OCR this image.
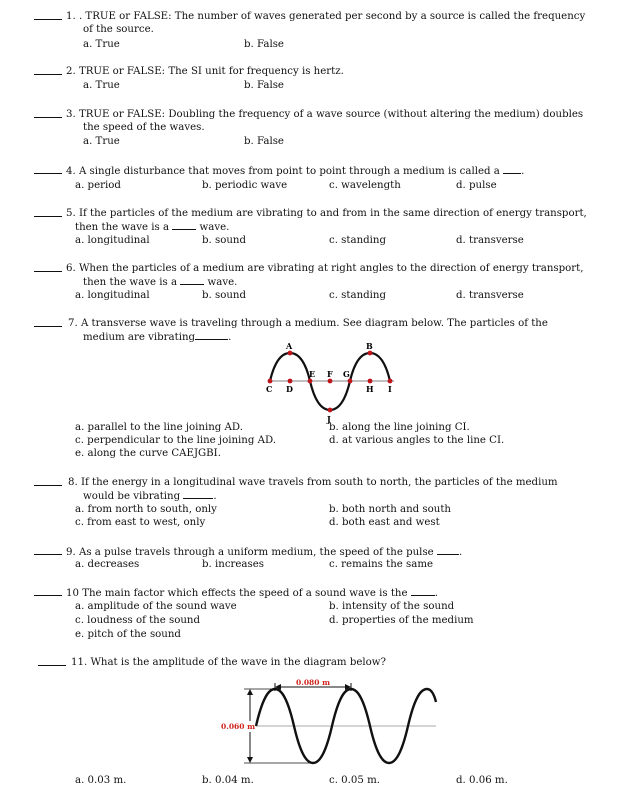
1. . TRUE or FALSE: The number of waves generated per second by a source is called the frequency
of the source.
a. True	b. False
2. TRUE or FALSE: The SI unit for frequency is hertz.
a. True	b. False
3. TRUE or FALSE: Doubling the frequency of a wave source (without altering the medium) doubles
the speed of the waves.
a. True	b. False
4. A single disturbance that moves from point to point through a medium is called a .
a. period	b. periodic wave	c. wavelength	d. pulse
5. If the particles of the medium are vibrating to and from in the same direction of energy transport,
then the wave is a	wave.
a. longitudinal	b. sound	c. standing	d. transverse
6. When the particles of a medium are vibrating at right angles to the direction of energy transport,
then the wave is a	wave.
a. longitudinal	b. sound	c. standing	d. transverse
7. A transverse wave is traveling through a medium. See diagram below. The particles of the
medium are vibrating	.
A	B
C D
E F G
H I
J
a. parallel to the line joining AD.	b. along the line joining CI.
c. perpendicular to the line joining AD.	d. at various angles to the line CI.
e. along the curve CAEJGBI.
8. If the energy in a longitudinal wave travels from south to north, the particles of the medium
would be vibrating	.
a. from north to south, only	b. both north and south
c. from east to west, only	d. both east and west
9. As a pulse travels through a uniform medium, the speed of the pulse .
a. decreases	b. increases	c. remains the same
10 The main factor which effects the speed of a sound wave is the	.
a. amplitude of the sound wave	b. intensity of the sound
c. loudness of the sound	d. properties of the medium
e. pitch of the sound
11. What is the amplitude of the wave in the diagram below?
0.080 m
0.060 m
a. 0.03 m.	b. 0.04 m.	c. 0.05 m.	d. 0.06 m.
